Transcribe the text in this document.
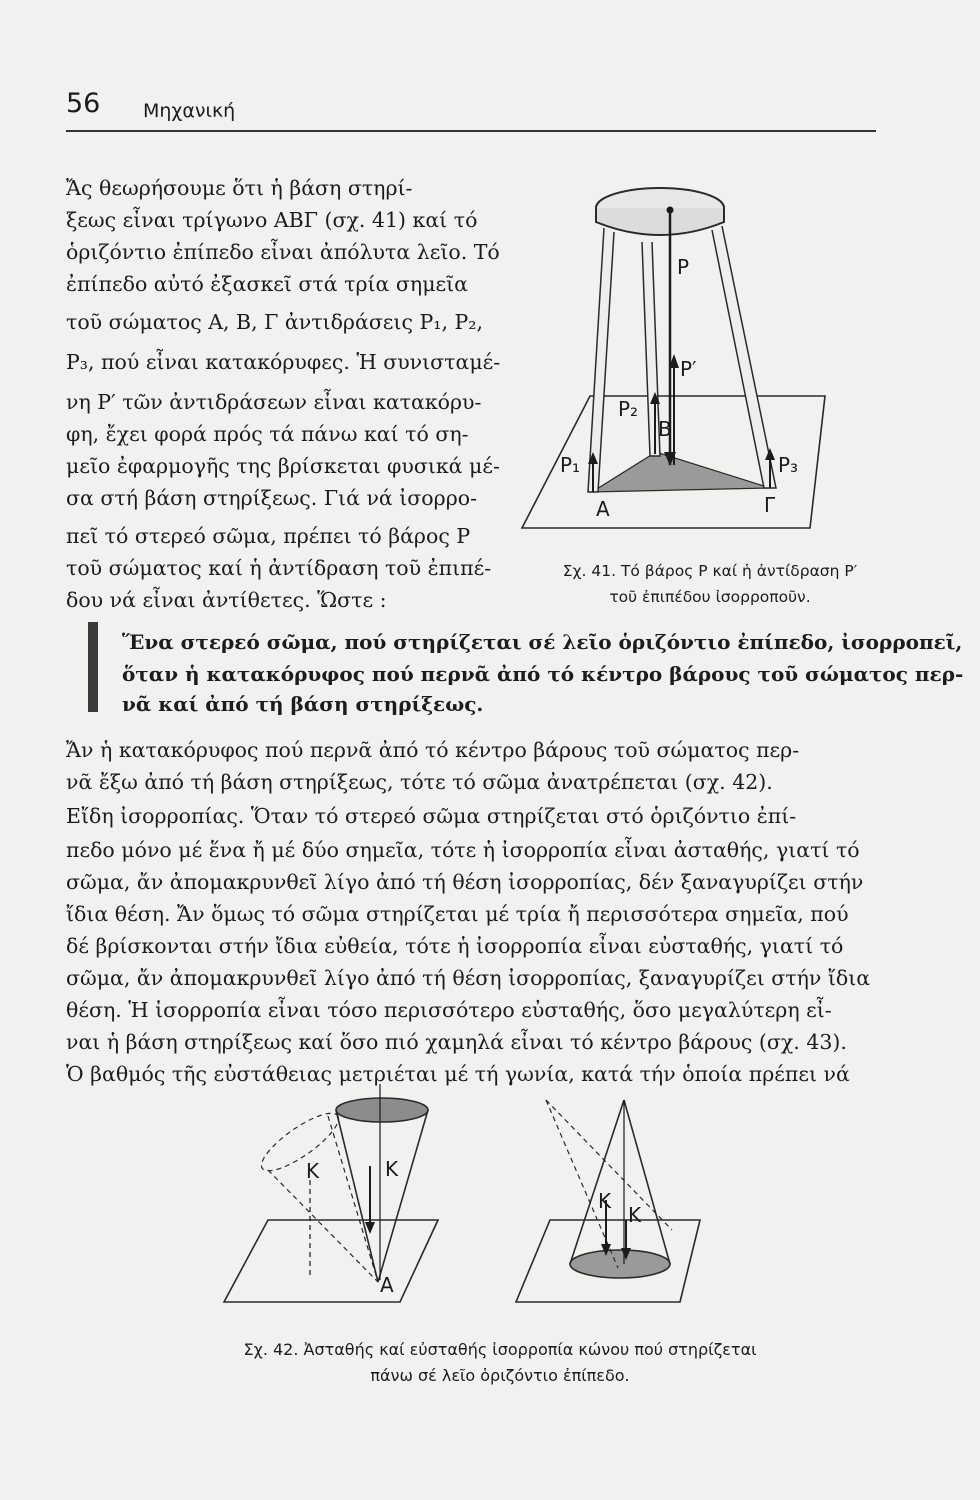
56 Μηχανική
Ἄς θεωρήσουμε ὅτι ἡ βάση στηρί-
ξεως εἶναι τρίγωνο ΑΒΓ (σχ. 41) καί τό
ὁριζόντιο ἐπίπεδο εἶναι ἀπόλυτα λεῖο. Τό
ἐπίπεδο αὐτό ἐξασκεῖ στά τρία σημεῖα
τοῦ σώματος Α, Β, Γ ἀντιδράσεις P₁, P₂,
P₃, πού εἶναι κατακόρυφες. Ἡ συνισταμέ-
νη P′ τῶν ἀντιδράσεων εἶναι κατακόρυ-
φη, ἔχει φορά πρός τά πάνω καί τό ση-
μεῖο ἐφαρμογῆς της βρίσκεται φυσικά μέ-
σα στή βάση στηρίξεως. Γιά νά ἰσορρο-
πεῖ τό στερεό σῶμα, πρέπει τό βάρος P
τοῦ σώματος καί ἡ ἀντίδραση τοῦ ἐπιπέ-
δου νά εἶναι ἀντίθετες. Ὥστε :
P
P′
P₁
P₂
P₃
Α
Β
Γ
Σχ. 41. Τό βάρος P καί ἡ ἀντίδραση P′
τοῦ ἐπιπέδου ἰσορροποῦν.
Ἕνα στερεό σῶμα, πού στηρίζεται σέ λεῖο ὁριζόντιο ἐπίπεδο, ἰσορροπεῖ,
ὅταν ἡ κατακόρυφος πού περνᾶ ἀπό τό κέντρο βάρους τοῦ σώματος περ-
νᾶ καί ἀπό τή βάση στηρίξεως.
Ἄν ἡ κατακόρυφος πού περνᾶ ἀπό τό κέντρο βάρους τοῦ σώματος περ-
νᾶ ἔξω ἀπό τή βάση στηρίξεως, τότε τό σῶμα ἀνατρέπεται (σχ. 42).
Εἴδη ἰσορροπίας. Ὅταν τό στερεό σῶμα στηρίζεται στό ὁριζόντιο ἐπί-
πεδο μόνο μέ ἕνα ἤ μέ δύο σημεῖα, τότε ἡ ἰσορροπία εἶναι ἀσταθής, γιατί τό
σῶμα, ἄν ἀπομακρυνθεῖ λίγο ἀπό τή θέση ἰσορροπίας, δέν ξαναγυρίζει στήν
ἴδια θέση. Ἄν ὅμως τό σῶμα στηρίζεται μέ τρία ἤ περισσότερα σημεῖα, πού
δέ βρίσκονται στήν ἴδια εὐθεία, τότε ἡ ἰσορροπία εἶναι εὐσταθής, γιατί τό
σῶμα, ἄν ἀπομακρυνθεῖ λίγο ἀπό τή θέση ἰσορροπίας, ξαναγυρίζει στήν ἴδια
θέση. Ἡ ἰσορροπία εἶναι τόσο περισσότερο εὐσταθής, ὅσο μεγαλύτερη εἶ-
ναι ἡ βάση στηρίξεως καί ὅσο πιό χαμηλά εἶναι τό κέντρο βάρους (σχ. 43).
Ὁ βαθμός τῆς εὐστάθειας μετριέται μέ τή γωνία, κατά τήν ὁποία πρέπει νά
Κ	Κ
Α
Κ
Κ
Σχ. 42. Ἀσταθής καί εὐσταθής ἰσορροπία κώνου πού στηρίζεται
πάνω σέ λεῖο ὁριζόντιο ἐπίπεδο.
